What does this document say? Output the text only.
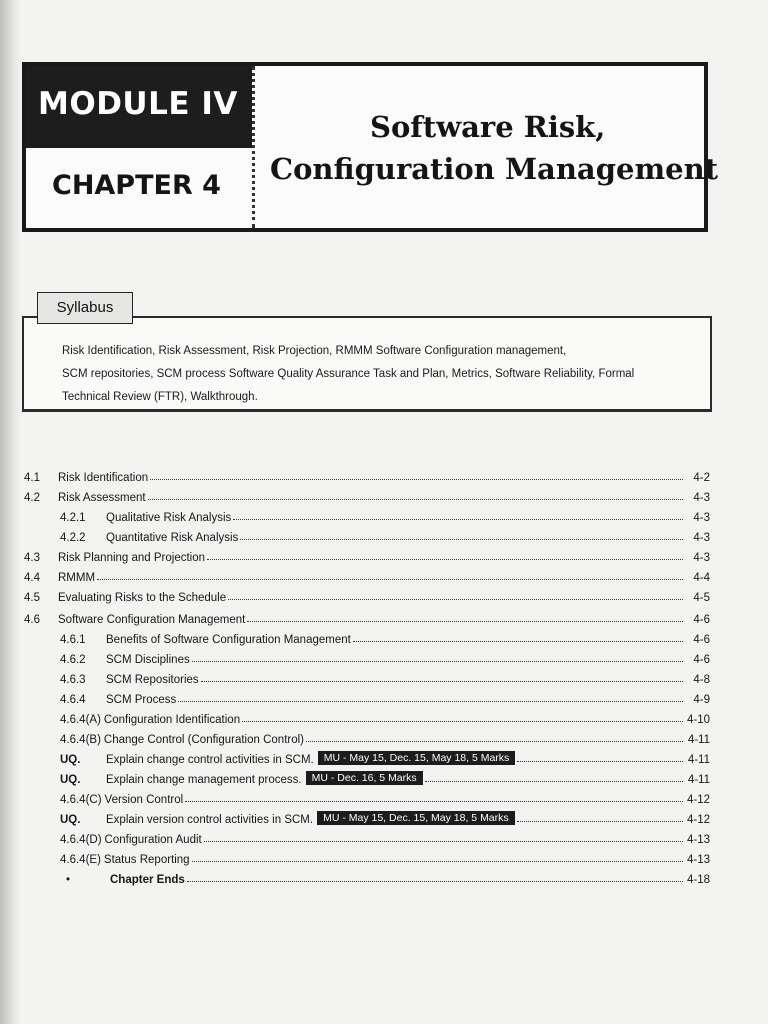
MODULE IV
CHAPTER 4
Software Risk,
Configuration Management
Syllabus
Risk Identification, Risk Assessment, Risk Projection, RMMM Software Configuration management,
SCM repositories, SCM process Software Quality Assurance Task and Plan, Metrics, Software Reliability, Formal
Technical Review (FTR), Walkthrough.
4.1	Risk Identification	4-2
4.2	Risk Assessment	4-3
4.2.1	Qualitative Risk Analysis	4-3
4.2.2	Quantitative Risk Analysis	4-3
4.3	Risk Planning and Projection	4-3
4.4	RMMM	4-4
4.5	Evaluating Risks to the Schedule	4-5
4.6	Software Configuration Management	4-6
4.6.1	Benefits of Software Configuration Management	4-6
4.6.2	SCM Disciplines	4-6
4.6.3	SCM Repositories	4-8
4.6.4	SCM Process	4-9
4.6.4(A) Configuration Identification	4-10
4.6.4(B) Change Control (Configuration Control)	4-11
UQ.	Explain change control activities in SCM. MU - May 15, Dec. 15, May 18, 5 Marks	4-11
UQ.	Explain change management process. MU - Dec. 16, 5 Marks	4-11
4.6.4(C) Version Control	4-12
UQ.	Explain version control activities in SCM. MU - May 15, Dec. 15, May 18, 5 Marks	4-12
4.6.4(D) Configuration Audit	4-13
4.6.4(E) Status Reporting	4-13
•	Chapter Ends	4-18
